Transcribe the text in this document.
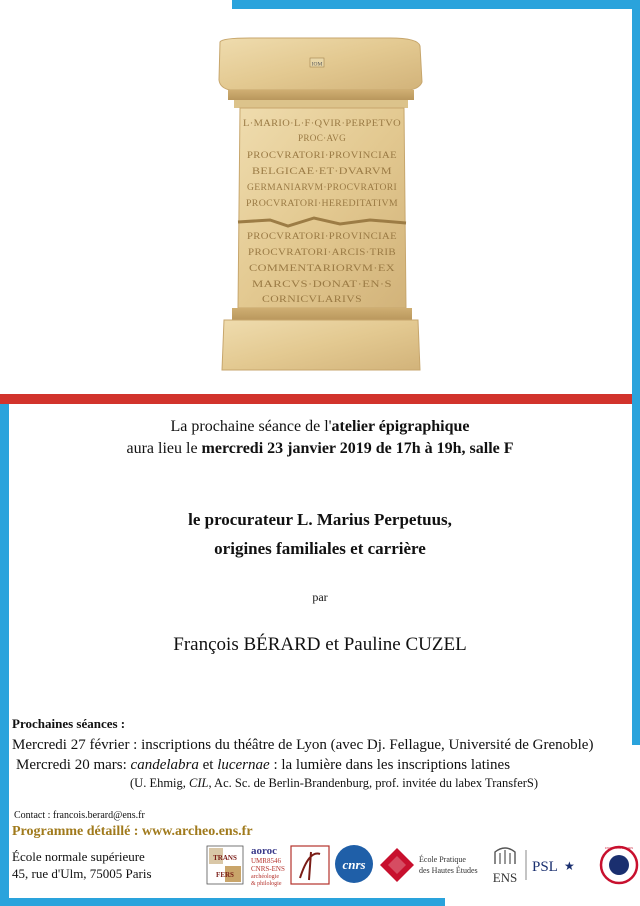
IOM
L·MARIO·L·F·QVIR·PERPETVO
PROC·AVG
PROCVRATORI·PROVINCIAE
BELGICAE·ET·DVARVM
GERMANIARVM·PROCVRATORI
PROCVRATORI·HEREDITATIVM
PROCVRATORI·PROVINCIAE
PROCVRATORI·ARCIS·TRIB
COMMENTARIORVM·EX
MARCVS·DONAT·EN·S
CORNICVLARIVS
La prochaine séance de l'atelier épigraphique
aura lieu le mercredi 23 janvier 2019 de 17h à 19h, salle F
le procurateur L. Marius Perpetuus,
origines familiales et carrière
par
François BÉRARD et Pauline CUZEL
Prochaines séances :
Mercredi 27 février : inscriptions du théâtre de Lyon (avec Dj. Fellague, Université de Grenoble)
Mercredi 20 mars: candelabra et lucernae : la lumière dans les inscriptions latines
(U. Ehmig, CIL, Ac. Sc. de Berlin-Brandenburg, prof. invitée du labex TransferS)
Contact : francois.berard@ens.fr
Programme détaillé : www.archeo.ens.fr
École normale supérieure
45, rue d'Ulm, 75005 Paris
TRANS
FERS
aoroc
UMR8546
CNRS-ENS
archéologie
& philologie
cnrs	École Pratique
des Hautes Études ENS
PSL ★
UNIVERSITÉ PARIS
